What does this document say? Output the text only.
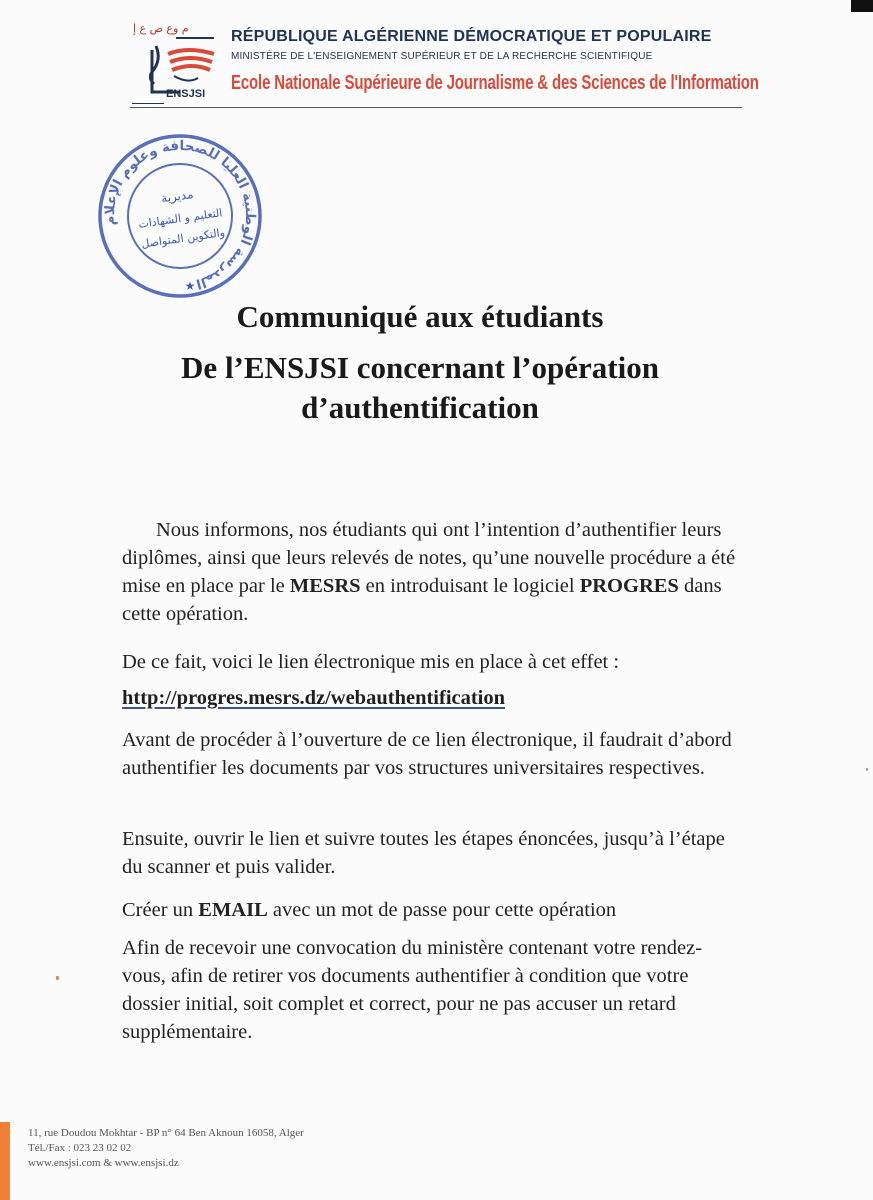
م وع ص ع إ
ENSJSI
RÉPUBLIQUE ALGÉRIENNE DÉMOCRATIQUE ET POPULAIRE
MINISTÈRE DE L'ENSEIGNEMENT SUPÉRIEUR ET DE LA RECHERCHE SCIENTIFIQUE
Ecole Nationale Supérieure de Journalisme & des Sciences de l'Information
المدرسة الوطنية العليا للصحافة وعلوم الإعلام
مديرية
التعليم و الشهادات
والتكوين المتواصل
★
Communiqué aux étudiants
De l’ENSJSI concernant l’opération
d’authentification
Nous informons, nos étudiants qui ont l’intention d’authentifier leurs diplômes, ainsi que leurs relevés de notes, qu’une nouvelle procédure a été mise en place par le MESRS en introduisant le logiciel PROGRES dans cette opération.
De ce fait, voici le lien électronique mis en place à cet effet :
http://progres.mesrs.dz/webauthentification
Avant de procéder à l’ouverture de ce lien électronique, il faudrait d’abord authentifier les documents par vos structures universitaires respectives.
Ensuite, ouvrir le lien et suivre toutes les étapes énoncées, jusqu’à l’étape du scanner et puis valider.
Créer un EMAIL avec un mot de passe pour cette opération
Afin de recevoir une convocation du ministère contenant votre rendez-vous, afin de retirer vos documents authentifier à condition que votre dossier initial, soit complet et correct, pour ne pas accuser un retard supplémentaire.
11, rue Doudou Mokhtar - BP n° 64 Ben Aknoun 16058, Alger
Tél./Fax : 023 23 02 02
www.ensjsi.com & www.ensjsi.dz
